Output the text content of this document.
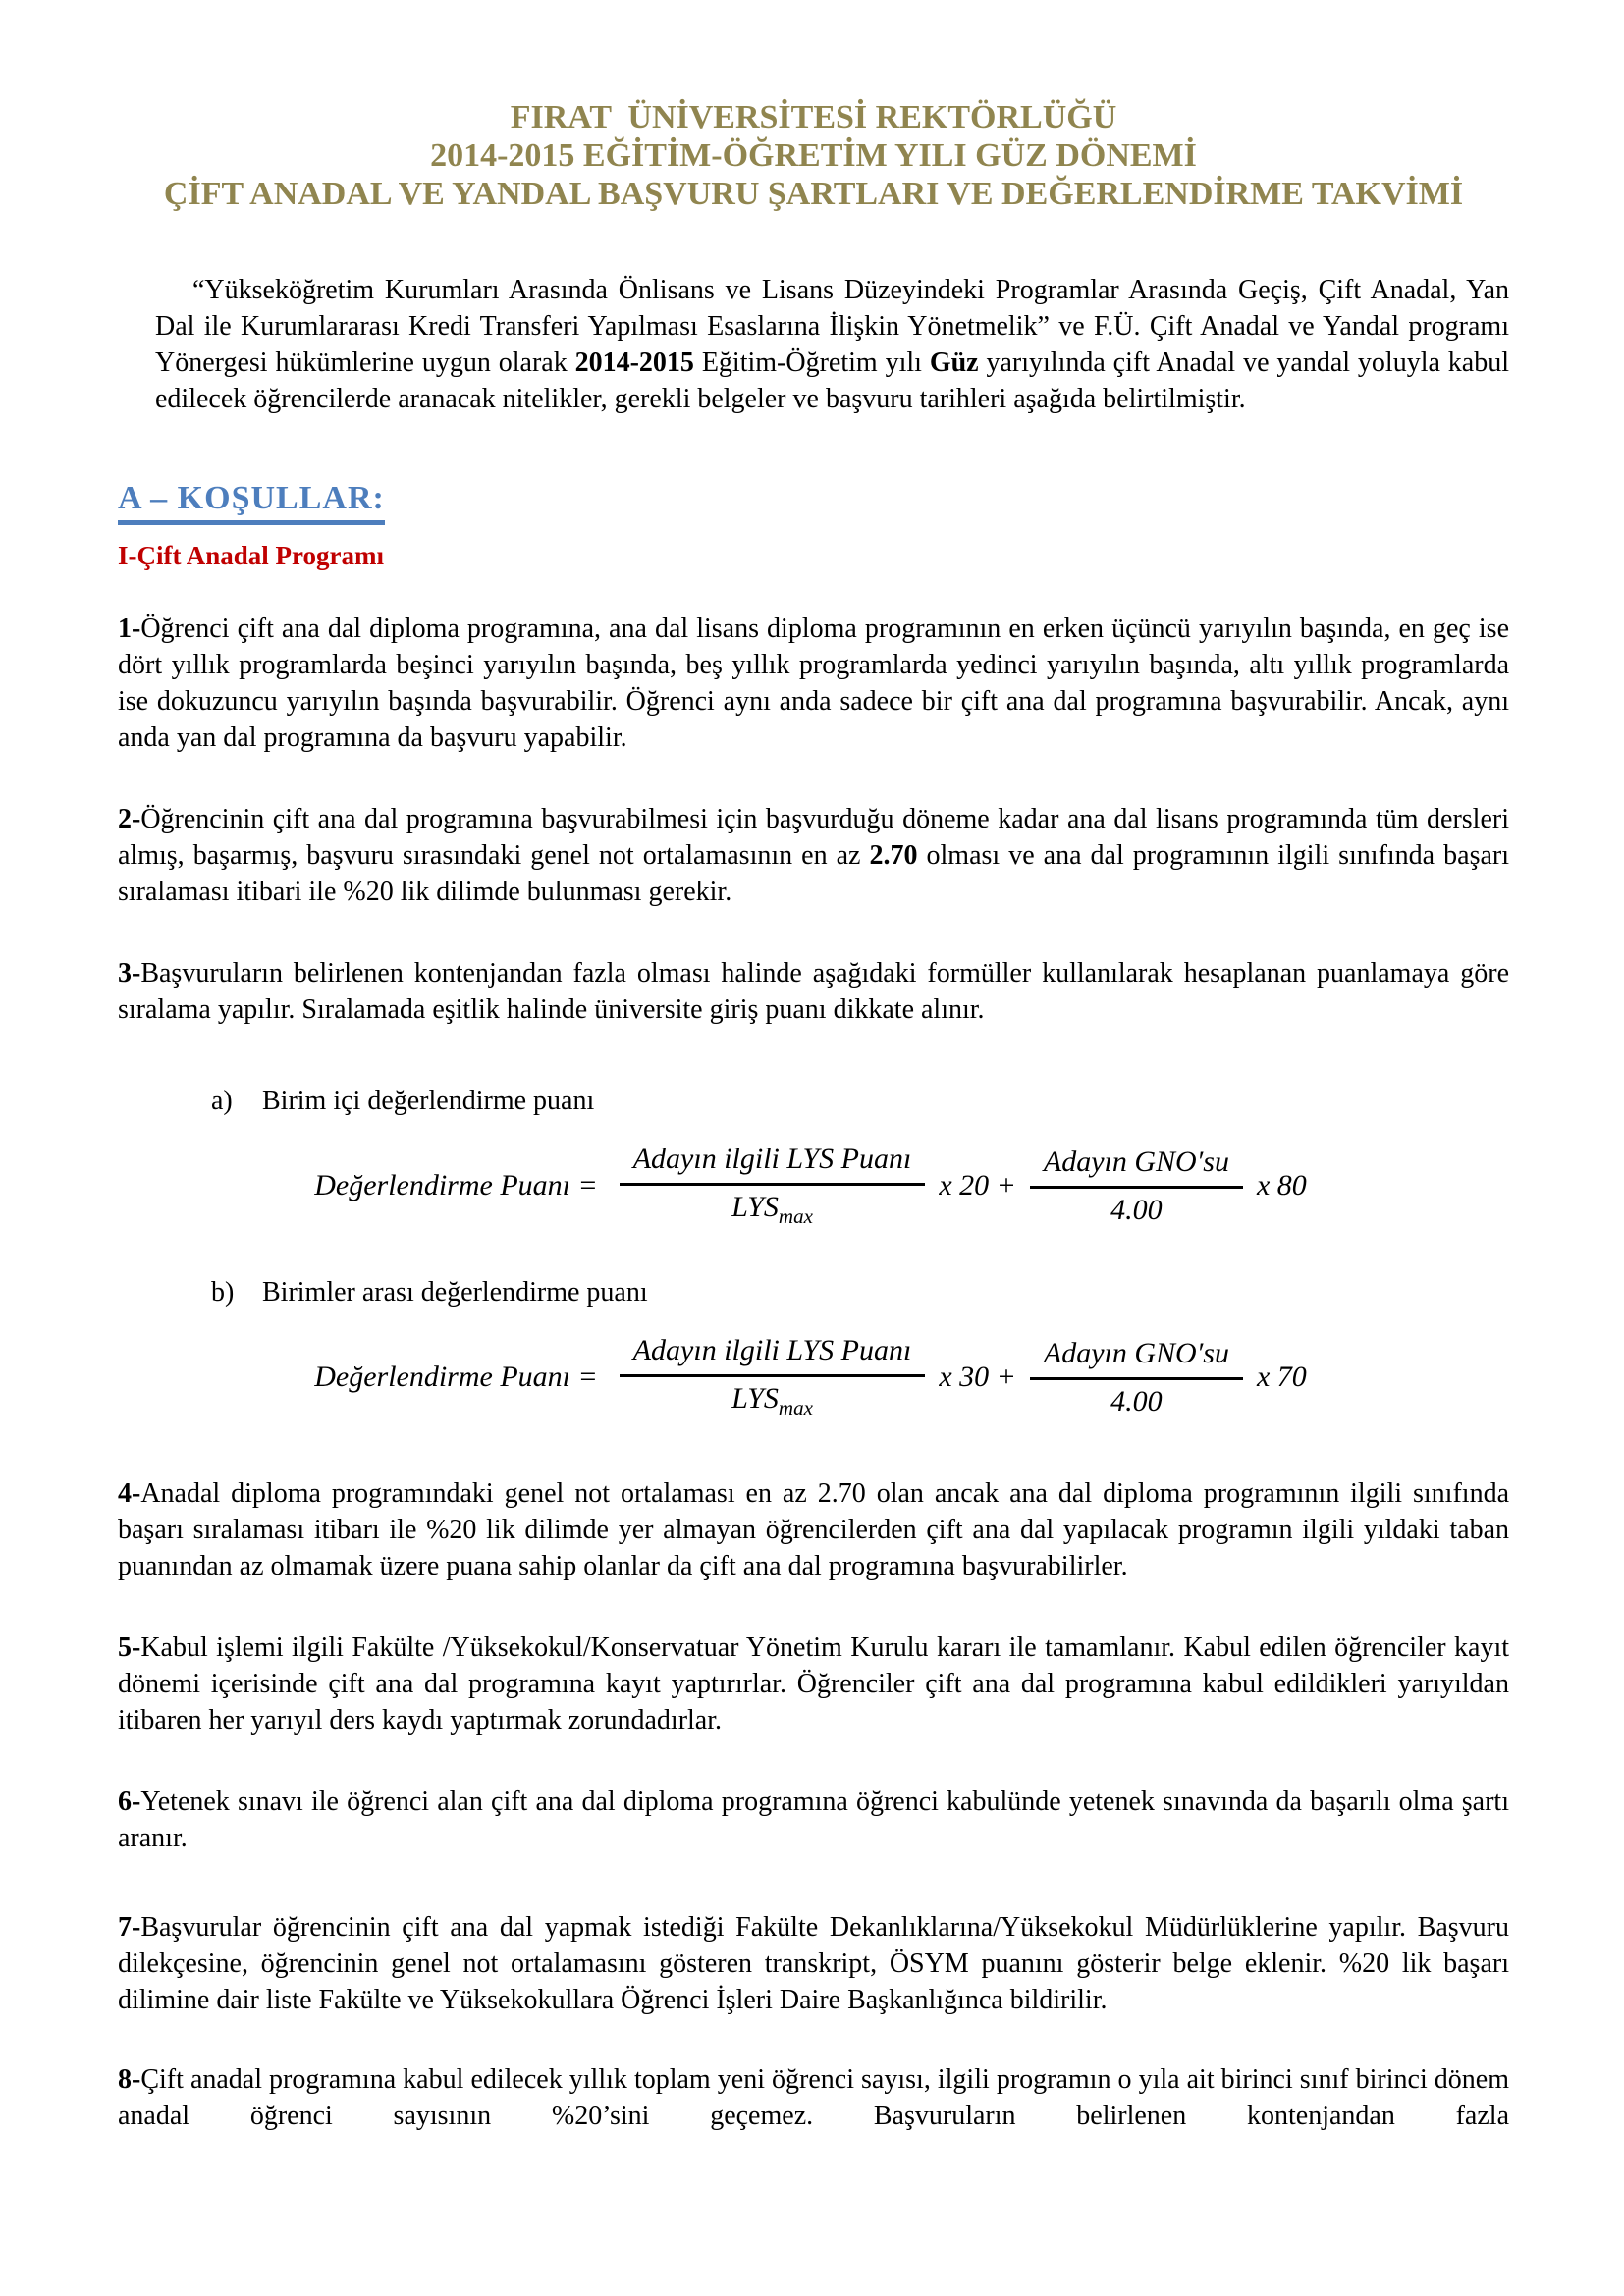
FIRAT  ÜNİVERSİTESİ REKTÖRLÜĞÜ
2014-2015 EĞİTİM-ÖĞRETİM YILI GÜZ DÖNEMİ
ÇİFT ANADAL VE YANDAL BAŞVURU ŞARTLARI VE DEĞERLENDİRME TAKVİMİ

“Yükseköğretim Kurumları Arasında Önlisans ve Lisans Düzeyindeki Programlar Arasında Geçiş, Çift Anadal, Yan Dal ile Kurumlararası Kredi Transferi Yapılması Esaslarına İlişkin Yönetmelik” ve F.Ü. Çift Anadal ve Yandal programı Yönergesi hükümlerine uygun olarak 2014-2015 Eğitim-Öğretim yılı Güz yarıyılında çift Anadal ve yandal yoluyla kabul edilecek öğrencilerde aranacak nitelikler, gerekli belgeler ve başvuru tarihleri aşağıda belirtilmiştir.

A – KOŞULLAR:
I-Çift Anadal Programı

1-Öğrenci çift ana dal diploma programına, ana dal lisans diploma programının en erken üçüncü yarıyılın başında, en geç ise dört yıllık programlarda beşinci yarıyılın başında, beş yıllık programlarda yedinci yarıyılın başında, altı yıllık programlarda ise dokuzuncu yarıyılın başında başvurabilir. Öğrenci aynı anda sadece bir çift ana dal programına başvurabilir. Ancak, aynı anda yan dal programına da başvuru yapabilir.

2-Öğrencinin çift ana dal programına başvurabilmesi için başvurduğu döneme kadar ana dal lisans programında tüm dersleri almış, başarmış, başvuru sırasındaki genel not ortalamasının en az 2.70 olması ve ana dal programının ilgili sınıfında başarı sıralaması itibari ile %20 lik dilimde bulunması gerekir.

3-Başvuruların belirlenen kontenjandan fazla olması halinde aşağıdaki formüller kullanılarak hesaplanan puanlamaya göre sıralama yapılır. Sıralamada eşitlik halinde üniversite giriş puanı dikkate alınır.

a) Birim içi değerlendirme puanı
Değerlendirme Puanı = $\frac{\text{Adayın ilgili LYS Puanı}}{LYS_{max}}$ x $20 + \frac{\text{Adayın GNO′su}}{4.00}$ x 80
b) Birimler arası değerlendirme puanı
Değerlendirme Puanı = $\frac{\text{Adayın ilgili LYS Puanı}}{LYS_{max}}$ x $30 + \frac{\text{Adayın GNO′su}}{4.00}$ x 70

4-Anadal diploma programındaki genel not ortalaması en az 2.70 olan ancak ana dal diploma programının ilgili sınıfında başarı sıralaması itibarı ile %20 lik dilimde yer almayan öğrencilerden çift ana dal yapılacak programın ilgili yıldaki taban puanından az olmamak üzere puana sahip olanlar da çift ana dal programına başvurabilirler.

5-Kabul işlemi ilgili Fakülte /Yüksekokul/Konservatuar Yönetim Kurulu kararı ile tamamlanır. Kabul edilen öğrenciler kayıt dönemi içerisinde çift ana dal programına kayıt yaptırırlar. Öğrenciler çift ana dal programına kabul edildikleri yarıyıldan itibaren her yarıyıl ders kaydı yaptırmak zorundadırlar.

6-Yetenek sınavı ile öğrenci alan çift ana dal diploma programına öğrenci kabulünde yetenek sınavında da başarılı olma şartı aranır.

7-Başvurular öğrencinin çift ana dal yapmak istediği Fakülte Dekanlıklarına/Yüksekokul Müdürlüklerine yapılır. Başvuru dilekçesine, öğrencinin genel not ortalamasını gösteren transkript, ÖSYM puanını gösterir belge eklenir. %20 lik başarı dilimine dair liste Fakülte ve Yüksekokullara Öğrenci İşleri Daire Başkanlığınca bildirilir.

8-Çift anadal programına kabul edilecek yıllık toplam yeni öğrenci sayısı, ilgili programın o yıla ait birinci sınıf birinci dönem anadal öğrenci sayısının %20’sini geçemez. Başvuruların belirlenen kontenjandan fazla
